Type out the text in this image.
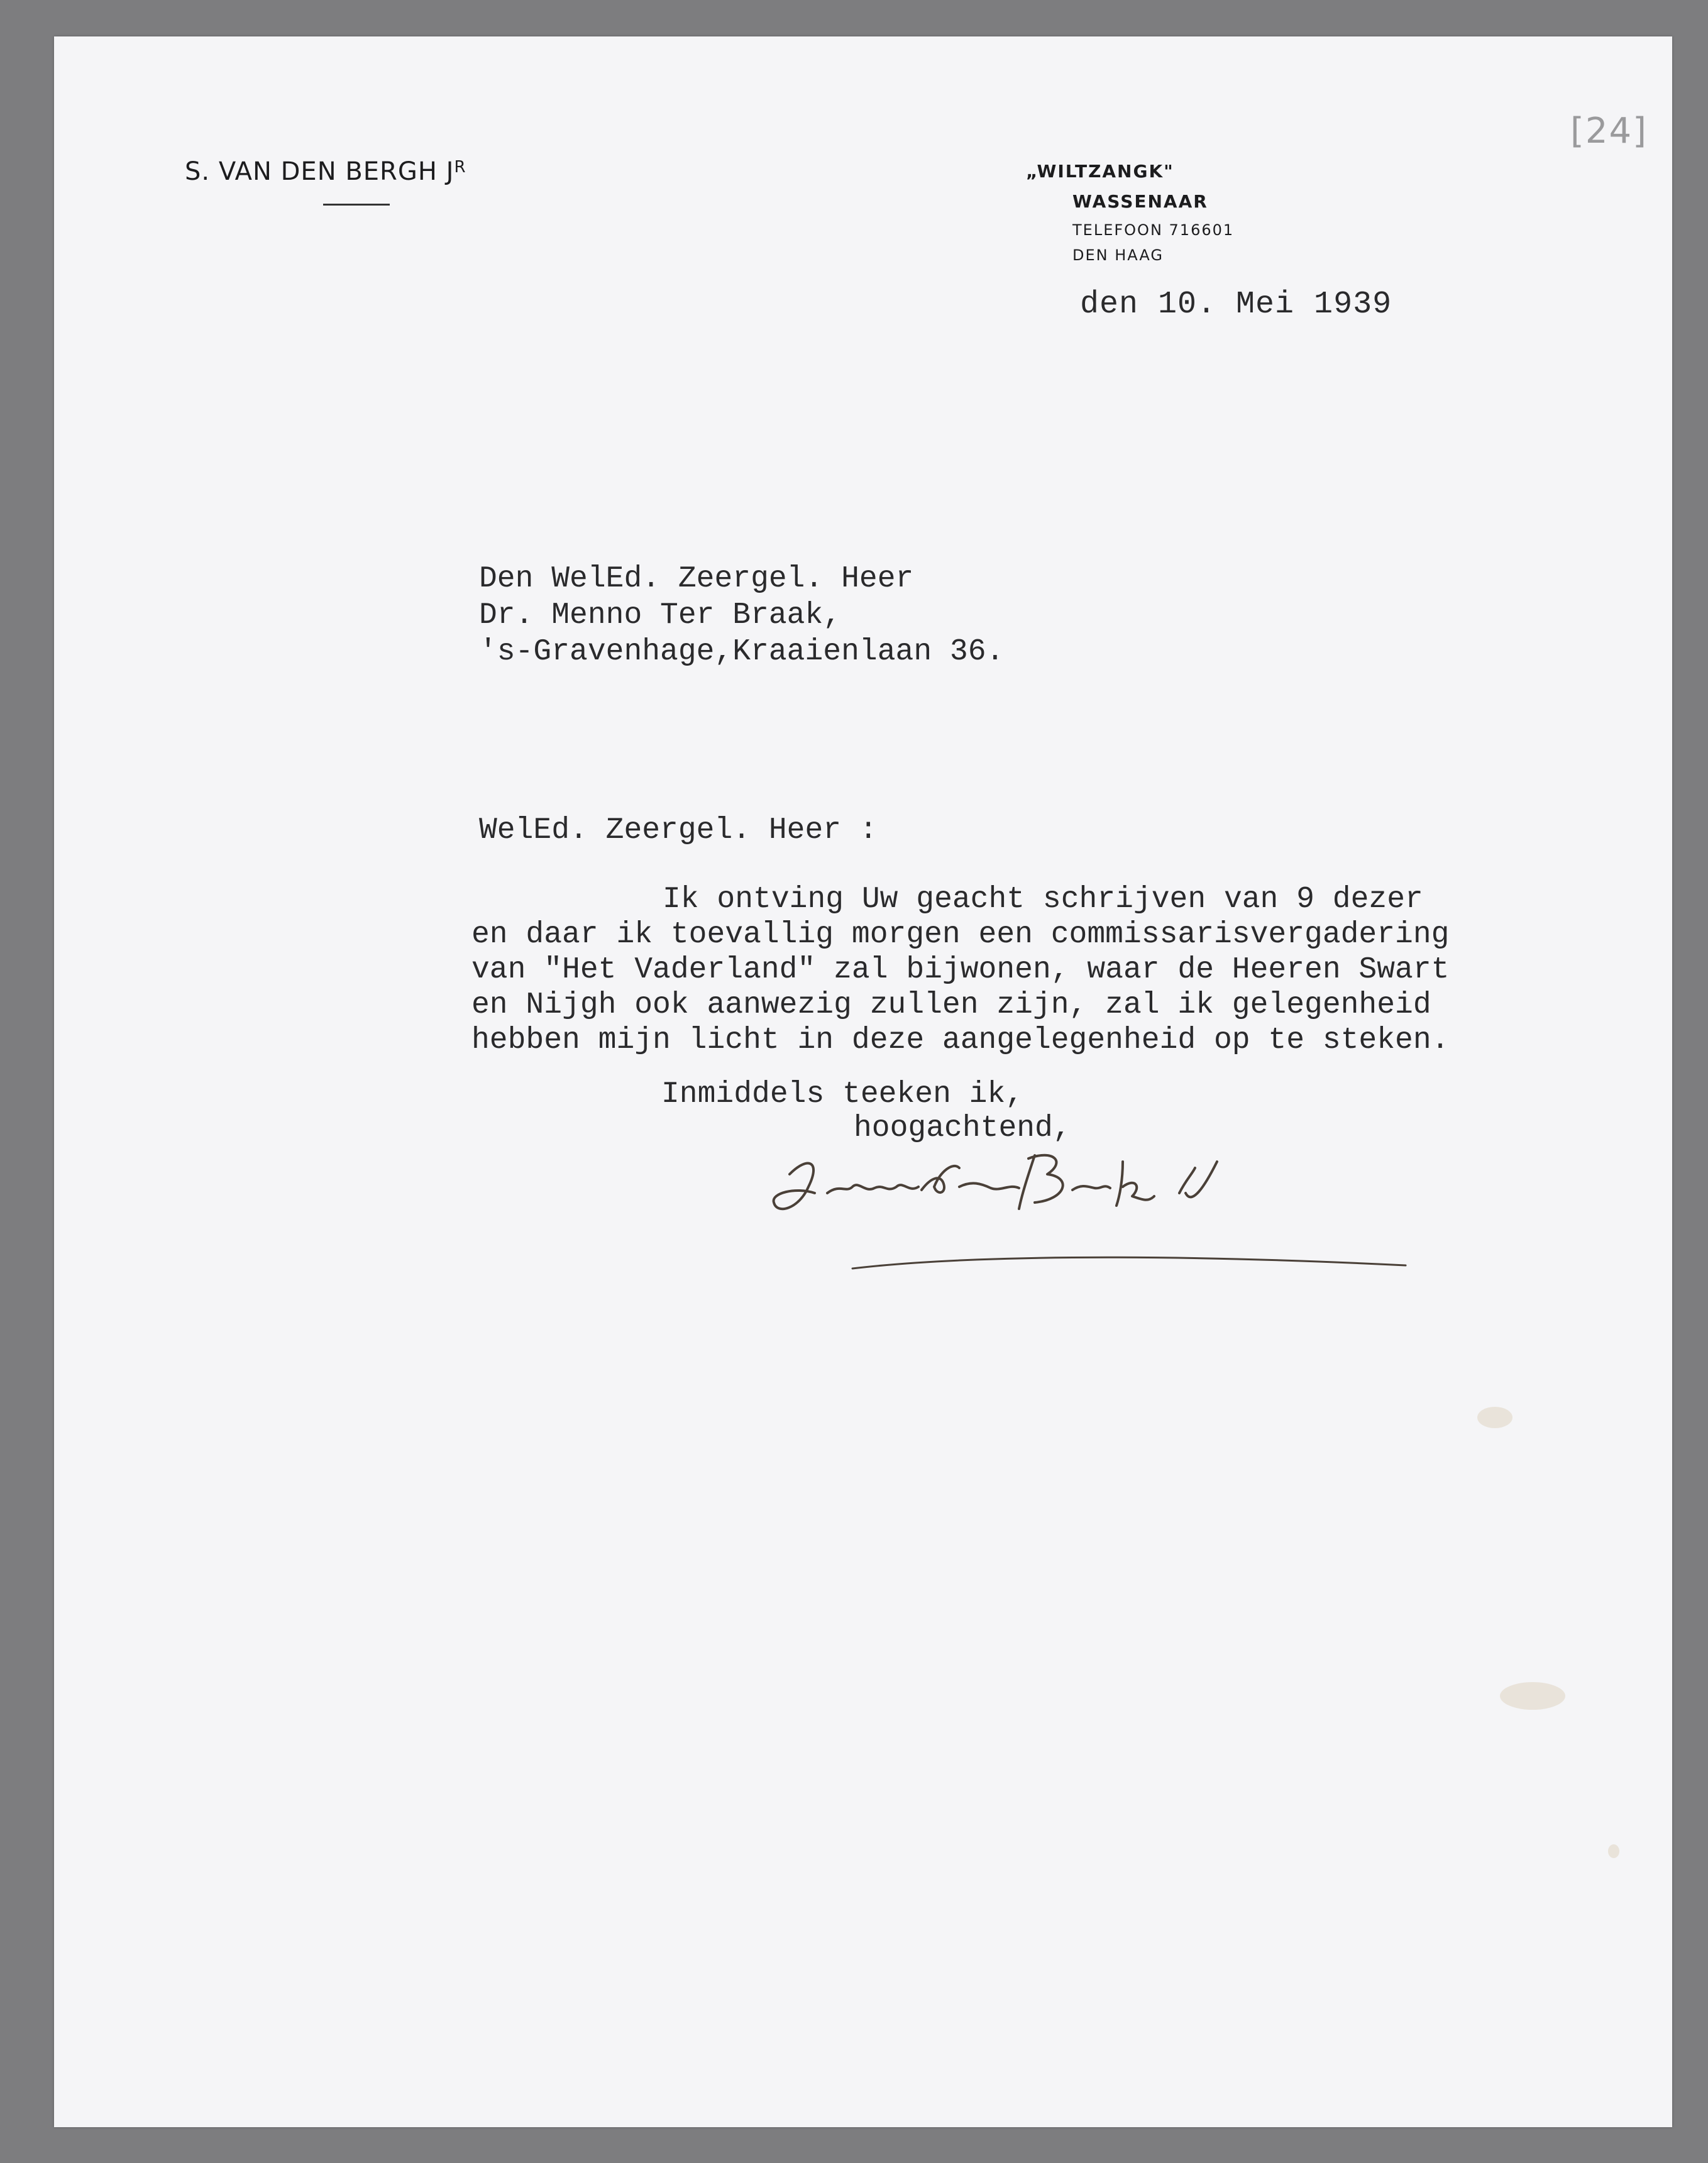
[24]
S. VAN DEN BERGH $J^R$	„WILTZANGK"
WASSENAAR
TELEFOON 716601
DEN HAAG
den 10. Mei 1939
Den WelEd. Zeergel. Heer
Dr. Menno Ter Braak,
's-Gravenhage,Kraaienlaan 36.
WelEd. Zeergel. Heer :
Ik ontving Uw geacht schrijven van 9 dezer
en daar ik toevallig morgen een commissarisvergadering
van "Het Vaderland" zal bijwonen, waar de Heeren Swart
en Nijgh ook aanwezig zullen zijn, zal ik gelegenheid
hebben mijn licht in deze aangelegenheid op te steken.
Inmiddels teeken ik,
hoogachtend,
